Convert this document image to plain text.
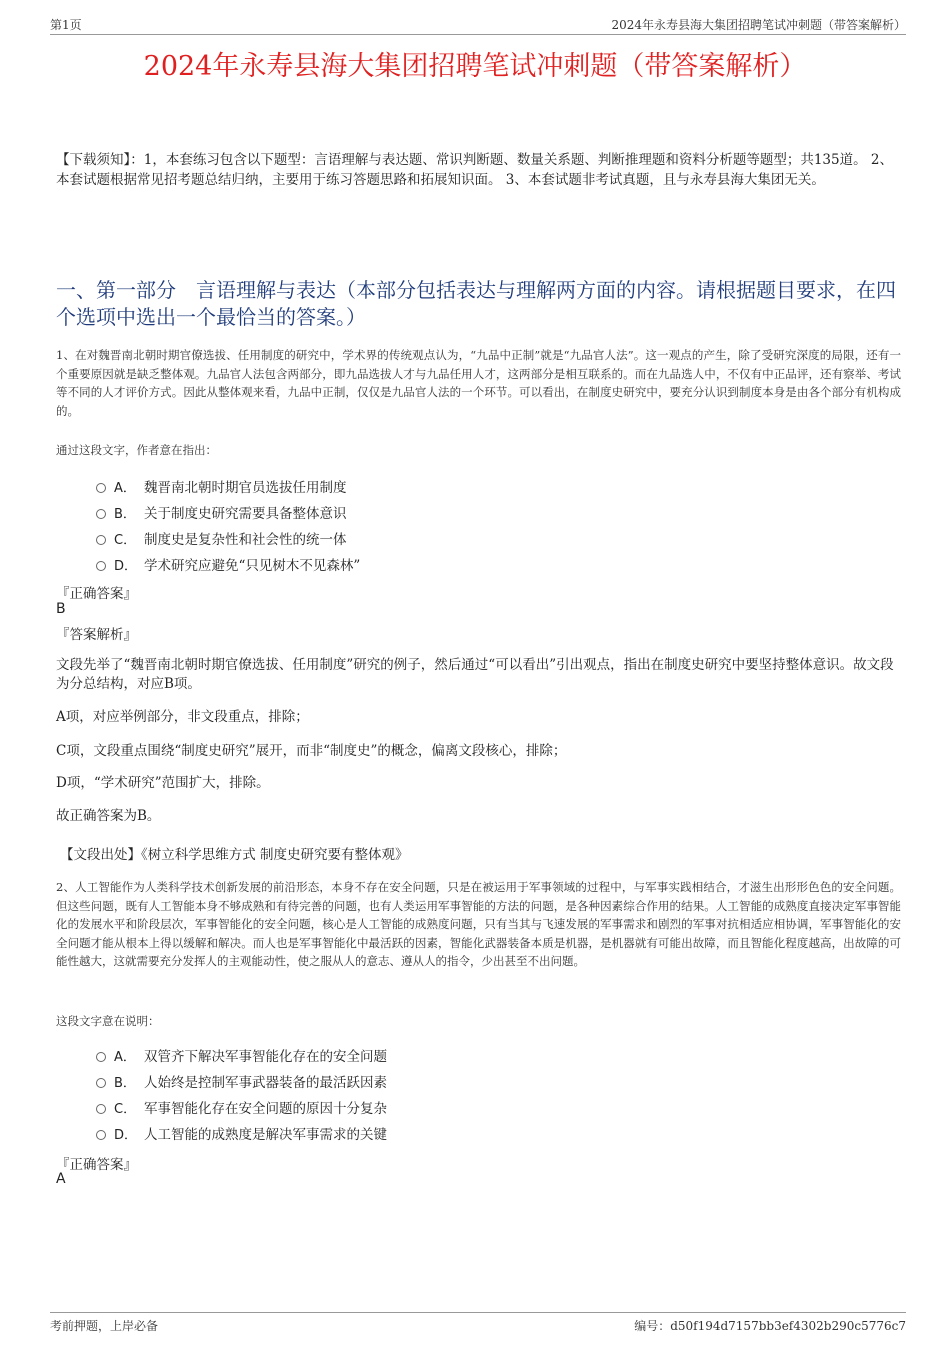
第1页	2024年永寿县海大集团招聘笔试冲刺题（带答案解析）
2024年永寿县海大集团招聘笔试冲刺题（带答案解析）
【下载须知】：1，本套练习包含以下题型：言语理解与表达题、常识判断题、数量关系题、判断推理题和资料分析题等题型；共135道。 2、本套试题根据常见招考题总结归纳，主要用于练习答题思路和拓展知识面。 3、本套试题非考试真题，且与永寿县海大集团无关。
一、第一部分　言语理解与表达（本部分包括表达与理解两方面的内容。请根据题目要求，在四个选项中选出一个最恰当的答案。）
1、在对魏晋南北朝时期官僚选拔、任用制度的研究中，学术界的传统观点认为，“九品中正制”就是“九品官人法”。这一观点的产生，除了受研究深度的局限，还有一个重要原因就是缺乏整体观。九品官人法包含两部分，即九品选拔人才与九品任用人才，这两部分是相互联系的。而在九品选人中，不仅有中正品评，还有察举、考试等不同的人才评价方式。因此从整体观来看，九品中正制，仅仅是九品官人法的一个环节。可以看出，在制度史研究中，要充分认识到制度本身是由各个部分有机构成的。
通过这段文字，作者意在指出：
A． 魏晋南北朝时期官员选拔任用制度
B． 关于制度史研究需要具备整体意识
C． 制度史是复杂性和社会性的统一体
D． 学术研究应避免“只见树木不见森林”
『正确答案』
B
『答案解析』
文段先举了“魏晋南北朝时期官僚选拔、任用制度”研究的例子，然后通过“可以看出”引出观点，指出在制度史研究中要坚持整体意识。故文段为分总结构，对应B项。
A项，对应举例部分，非文段重点，排除；
C项，文段重点围绕“制度史研究”展开，而非“制度史”的概念，偏离文段核心，排除；
D项，“学术研究”范围扩大，排除。
故正确答案为B。
【文段出处】《树立科学思维方式 制度史研究要有整体观》
2、人工智能作为人类科学技术创新发展的前沿形态，本身不存在安全问题，只是在被运用于军事领域的过程中，与军事实践相结合，才滋生出形形色色的安全问题。但这些问题，既有人工智能本身不够成熟和有待完善的问题，也有人类运用军事智能的方法的问题，是各种因素综合作用的结果。人工智能的成熟度直接决定军事智能化的发展水平和阶段层次，军事智能化的安全问题，核心是人工智能的成熟度问题，只有当其与飞速发展的军事需求和剧烈的军事对抗相适应相协调，军事智能化的安全问题才能从根本上得以缓解和解决。而人也是军事智能化中最活跃的因素，智能化武器装备本质是机器，是机器就有可能出故障，而且智能化程度越高，出故障的可能性越大，这就需要充分发挥人的主观能动性，使之服从人的意志、遵从人的指令，少出甚至不出问题。
这段文字意在说明：
A． 双管齐下解决军事智能化存在的安全问题
B． 人始终是控制军事武器装备的最活跃因素
C． 军事智能化存在安全问题的原因十分复杂
D． 人工智能的成熟度是解决军事需求的关键
『正确答案』
A
考前押题，上岸必备	编号：d50f194d7157bb3ef4302b290c5776c7
